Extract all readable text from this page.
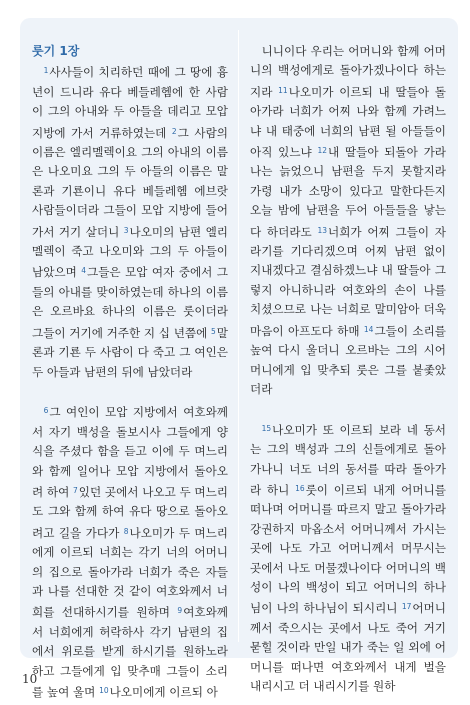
룻기 1장

$^1$사사들이 치리하던 때에 그 땅에 흉년이 드니라 유다 베들레헴에 한 사람이 그의 아내와 두 아들을 데리고 모압 지방에 가서 거류하였는데 $^2$그 사람의 이름은 엘리멜렉이요 그의 아내의 이름은 나오미요 그의 두 아들의 이름은 말론과 기룐이니 유다 베들레헴 에브랏 사람들이더라 그들이 모압 지방에 들어가서 거기 살더니 $^3$나오미의 남편 엘리멜렉이 죽고 나오미와 그의 두 아들이 남았으며 $^4$그들은 모압 여자 중에서 그들의 아내를 맞이하였는데 하나의 이름은 오르바요 하나의 이름은 룻이더라 그들이 거기에 거주한 지 십 년쯤에 $^5$말론과 기룐 두 사람이 다 죽고 그 여인은 두 아들과 남편의 뒤에 남았더라

$^6$그 여인이 모압 지방에서 여호와께서 자기 백성을 돌보시사 그들에게 양식을 주셨다 함을 듣고 이에 두 며느리와 함께 일어나 모압 지방에서 돌아오려 하여 $^7$있던 곳에서 나오고 두 며느리도 그와 함께 하여 유다 땅으로 돌아오려고 길을 가다가 $^8$나오미가 두 며느리에게 이르되 너희는 각기 너의 어머니의 집으로 돌아가라 너희가 죽은 자들과 나를 선대한 것 같이 여호와께서 너희를 선대하시기를 원하며 $^9$여호와께서 너희에게 허락하사 각기 남편의 집에서 위로를 받게 하시기를 원하노라 하고 그들에게 입 맞추매 그들이 소리를 높여 울며 $^{10}$나오미에게 이르되 아

니니이다 우리는 어머니와 함께 어머니의 백성에게로 돌아가겠나이다 하는지라 $^{11}$나오미가 이르되 내 딸들아 돌아가라 너희가 어찌 나와 함께 가려느냐 내 태중에 너희의 남편 될 아들들이 아직 있느냐 $^{12}$내 딸들아 되돌아 가라 나는 늙었으니 남편을 두지 못할지라 가령 내가 소망이 있다고 말한다든지 오늘 밤에 남편을 두어 아들들을 낳는다 하더라도 $^{13}$너희가 어찌 그들이 자라기를 기다리겠으며 어찌 남편 없이 지내겠다고 결심하겠느냐 내 딸들아 그렇지 아니하니라 여호와의 손이 나를 치셨으므로 나는 너희로 말미암아 더욱 마음이 아프도다 하매 $^{14}$그들이 소리를 높여 다시 울더니 오르바는 그의 시어머니에게 입 맞추되 룻은 그를 붙좇았더라

$^{15}$나오미가 또 이르되 보라 네 동서는 그의 백성과 그의 신들에게로 돌아가나니 너도 너의 동서를 따라 돌아가라 하니 $^{16}$룻이 이르되 내게 어머니를 떠나며 어머니를 따르지 말고 돌아가라 강권하지 마옵소서 어머니께서 가시는 곳에 나도 가고 어머니께서 머무시는 곳에서 나도 머물겠나이다 어머니의 백성이 나의 백성이 되고 어머니의 하나님이 나의 하나님이 되시리니 $^{17}$어머니께서 죽으시는 곳에서 나도 죽어 거기 묻힐 것이라 만일 내가 죽는 일 외에 어머니를 떠나면 여호와께서 내게 벌을 내리시고 더 내리시기를 원하

10
